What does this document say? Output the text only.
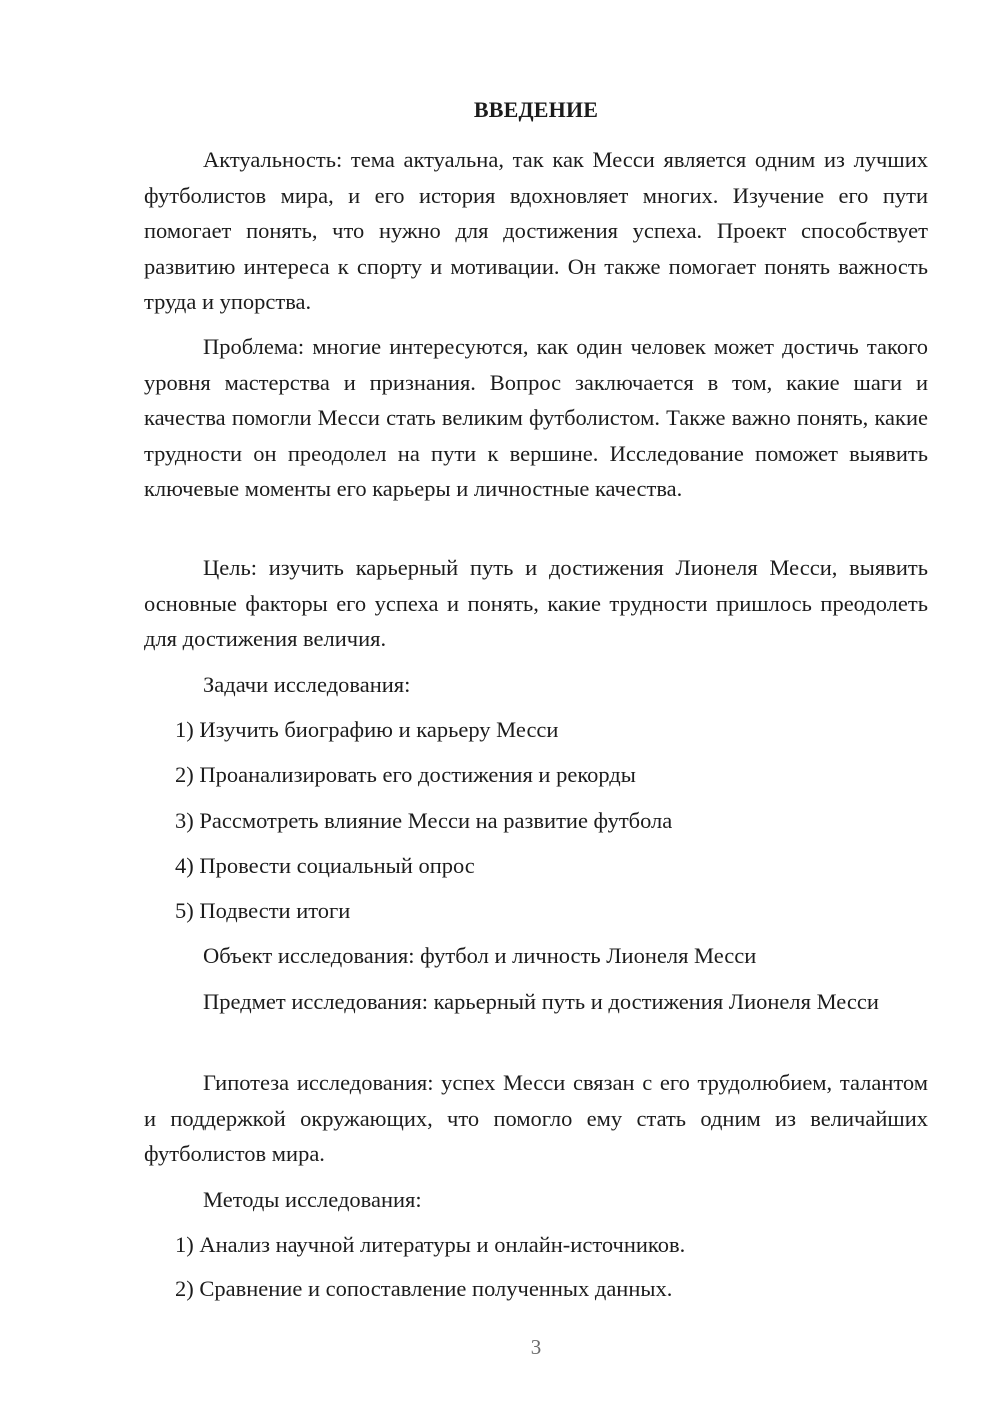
ВВЕДЕНИЕ

Актуальность: тема актуальна, так как Месси является одним из лучших футболистов мира, и его история вдохновляет многих. Изучение его пути помогает понять, что нужно для достижения успеха. Проект способствует развитию интереса к спорту и мотивации. Он также помогает понять важность труда и упорства.

Проблема: многие интересуются, как один человек может достичь такого уровня мастерства и признания. Вопрос заключается в том, какие шаги и качества помогли Месси стать великим футболистом. Также важно понять, какие трудности он преодолел на пути к вершине. Исследование поможет выявить ключевые моменты его карьеры и личностные качества.

Цель: изучить карьерный путь и достижения Лионеля Месси, выявить основные факторы его успеха и понять, какие трудности пришлось преодолеть для достижения величия.

Задачи исследования:
1) Изучить биографию и карьеру Месси
2) Проанализировать его достижения и рекорды
3) Рассмотреть влияние Месси на развитие футбола
4) Провести социальный опрос
5) Подвести итоги
Объект исследования: футбол и личность Лионеля Месси

Предмет исследования: карьерный путь и достижения Лионеля Месси

Гипотеза исследования: успех Месси связан с его трудолюбием, талантом и поддержкой окружающих, что помогло ему стать одним из величайших футболистов мира.

Методы исследования:
1) Анализ научной литературы и онлайн-источников.
2) Сравнение и сопоставление полученных данных.
3
